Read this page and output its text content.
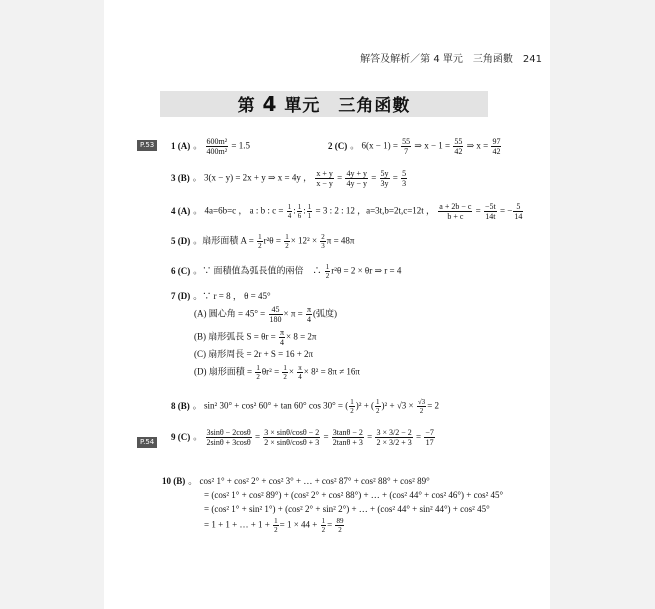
解答及解析／第 4 單元　三角函數 241
第 4 單元　三角函數
P.53	1 (A) 。 $\frac{\text{600m²}}{\text{400m²}} = 1.5$	2 (C) 。 $6(x - 1) = \frac{55}{7}$ ⇒ $x - 1 = \frac{55}{42}$ ⇒ $x = \frac{97}{42}$
3 (B) 。 3(x − y) = 2x + y ⇒ x = 4y ， $\frac{x + y}{x - y} = \frac{4y + y}{4y - y} = \frac{5y}{3y} = \frac{5}{3}$
4 (A) 。 4a=6b=c ， a : b : $c = \frac{1}{4}$ : $\frac{1}{6}$ : $\frac{1}{1} = 3$ : 2 : 12 ，a=3t,b=2t,c=12t ， $\frac{a + 2b - c}{b + c} = \frac{-5t}{14t}$ = − $\frac{5}{14}$
5 (D) 。扇形面積 $A = \frac{1}{2} r^2\theta = \frac{1}{2} \times 12^2 \times \frac{2}{3}$ π = 48π
6 (C) 。∵ 面積值為弧長值的兩倍　∴ $\frac{1}{2} r^2\theta = 2 \times \theta r$ ⇒ r = 4
7 (D) 。∵ r = 8 ， θ = 45°
(A) 圓心角 = $45^\circ = \frac{45}{180} \times \pi = \frac{\pi}{4}$ (弧度)
(B) 扇形弧長 $S = \theta r = \frac{\pi}{4} \times 8 = 2\pi$
(C) 扇形周長 = 2r + S = 16 + 2π
(D) 扇形面積 = $\frac{1}{2} \theta r^2 = \frac{1}{2} \times \frac{\pi}{4} \times 8^2 = 8\pi \ne 16\pi$
8 (B) 。 sin² 30° + cos² 60° + tan 60° cos 30° = ( $\frac{1}{2} )^2$ + ( $\frac{1}{2} )^2 + √3 \times \frac{√3}{2} = 2$
P.54
9 (C) 。 $\frac{3\sin\theta - 2\cos\theta}{2\sin\theta + 3\cos\theta} = \frac{3 \times \sin\theta/\cos\theta - 2}{2 \times \sin\theta/\cos\theta + 3} = \frac{3\tan\theta - 2}{2\tan\theta + 3} = \frac{3 \times 3/2 - 2}{2 \times 3/2 + 3} = \frac{-7}{17}$
10 (B) 。 cos² 1° + cos² 2° + cos² 3° + … + cos² 87° + cos² 88° + cos² 89°
= (cos² 1° + cos² 89°) + (cos² 2° + cos² 88°) + … + (cos² 44° + cos² 46°) + cos² 45°
= (cos² 1° + sin² 1°) + (cos² 2° + sin² 2°) + … + (cos² 44° + sin² 44°) + cos² 45°
= 1 + 1 + … + $1 + \frac{1}{2} = 1 \times 44 + \frac{1}{2} = \frac{89}{2}$
